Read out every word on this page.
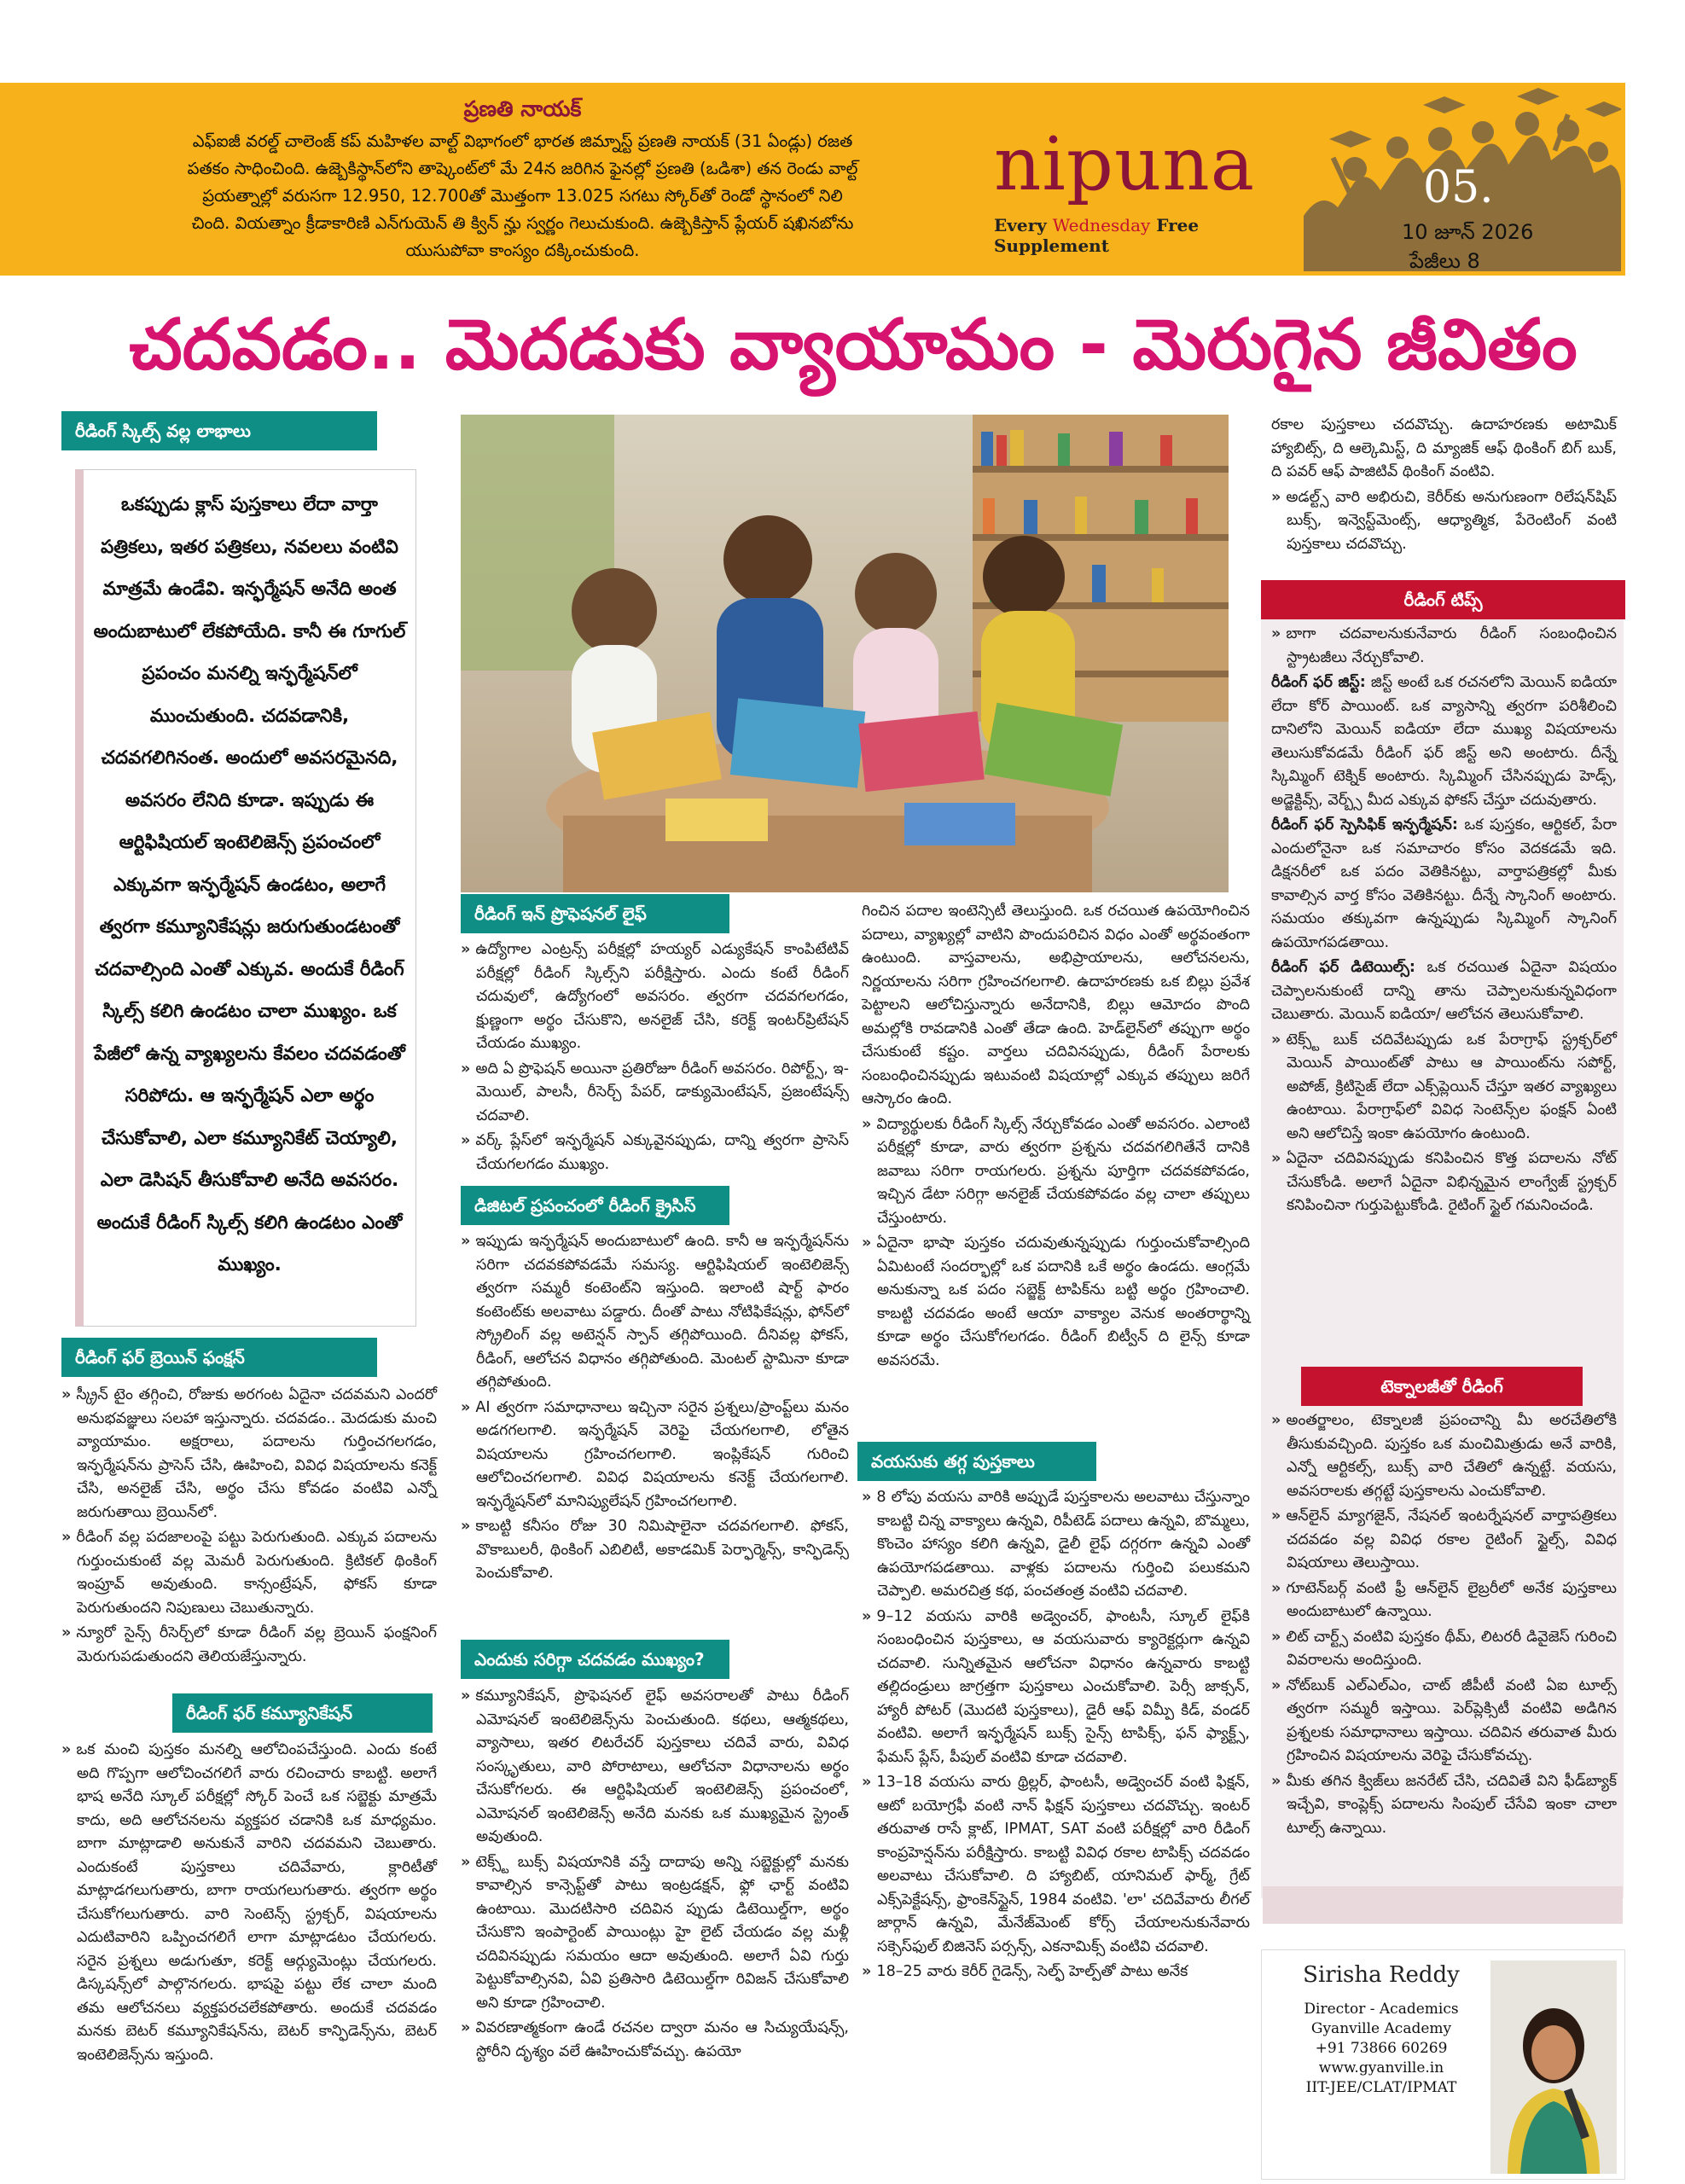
ప్రణతి నాయక్
ఎఫ్ఐజీ వరల్డ్ చాలెంజ్ కప్ మహిళల వాల్ట్ విభాగంలో భారత జిమ్నాస్ట్ ప్రణతి నాయక్ (31 ఏండ్లు) రజత
పతకం సాధించింది. ఉజ్బెకిస్థాన్‌లోని తాష్కెంట్‌లో మే 24న జరిగిన ఫైనల్లో ప్రణతి (ఒడిశా) తన రెండు వాల్ట్
ప్రయత్నాల్లో వరుసగా 12.950, 12.700తో మొత్తంగా 13.025 సగటు స్కోర్‌తో రెండో స్థానంలో నిలి
చింది. వియత్నాం క్రీడాకారిణి ఎన్‌గుయెన్ తి క్విన్ న్హు స్వర్ణం గెలుచుకుంది. ఉజ్బెకిస్తాన్ ప్లేయర్ షఖినబోను
యుసుపోవా కాంస్యం దక్కించుకుంది.
nipuna
Every Wednesday Free Supplement
05.
10 జూన్ 2026
పేజీలు 8
చదవడం.. మెదడుకు వ్యాయామం - మెరుగైన జీవితం
రీడింగ్ స్కిల్స్ వల్ల లాభాలు
ఒకప్పుడు క్లాస్ పుస్తకాలు లేదా వార్తా పత్రికలు, ఇతర పత్రికలు, నవలలు వంటివి మాత్రమే ఉండేవి. ఇన్ఫర్మేషన్ అనేది అంత అందుబాటులో లేకపోయేది. కానీ ఈ గూగుల్ ప్రపంచం మనల్ని ఇన్ఫర్మేషన్‌లో ముంచుతుంది. చదవడానికి, చదవగలిగినంత. అందులో అవసరమైనది, అవసరం లేనిది కూడా. ఇప్పుడు ఈ ఆర్టిఫిషియల్ ఇంటెలిజెన్స్ ప్రపంచంలో ఎక్కువగా ఇన్ఫర్మేషన్ ఉండటం, అలాగే త్వరగా కమ్యూనికేషన్లు జరుగుతుండటంతో చదవాల్సింది ఎంతో ఎక్కువ. అందుకే రీడింగ్ స్కిల్స్ కలిగి ఉండటం చాలా ముఖ్యం. ఒక పేజీలో ఉన్న వ్యాఖ్యలను కేవలం చదవడంతో సరిపోదు. ఆ ఇన్ఫర్మేషన్ ఎలా అర్థం చేసుకోవాలి, ఎలా కమ్యూనికేట్ చెయ్యాలి, ఎలా డెసిషన్ తీసుకోవాలి అనేది అవసరం. అందుకే రీడింగ్ స్కిల్స్ కలిగి ఉండటం ఎంతో ముఖ్యం.
రీడింగ్ ఫర్ బ్రెయిన్ ఫంక్షన్

» స్క్రీన్ టైం తగ్గించి, రోజుకు అరగంట ఏదైనా చదవమని ఎందరో అనుభవజ్ఞులు సలహా ఇస్తున్నారు. చదవడం.. మెదడుకు మంచి వ్యాయామం. అక్షరాలు, పదాలను గుర్తించగలగడం, ఇన్ఫర్మేషన్‌ను ప్రాసెస్ చేసి, ఊహించి, వివిధ విషయాలను కనెక్ట్ చేసి, అనలైజ్ చేసి, అర్థం చేసు కోవడం వంటివి ఎన్నో జరుగుతాయి బ్రెయిన్‌లో.

» రీడింగ్ వల్ల పదజాలంపై పట్టు పెరుగుతుంది. ఎక్కువ పదాలను గుర్తుంచుకుంటే వల్ల మెమరీ పెరుగుతుంది. క్రిటికల్ థింకింగ్ ఇంప్రూవ్ అవుతుంది. కాన్సంట్రేషన్, ఫోకస్ కూడా పెరుగుతుందని నిపుణులు చెబుతున్నారు.

» న్యూరో సైన్స్ రీసెర్చ్‌లో కూడా రీడింగ్ వల్ల బ్రెయిన్ ఫంక్షనింగ్ మెరుగుపడుతుందని తెలియజేస్తున్నారు.

రీడింగ్ ఫర్ కమ్యూనికేషన్

» ఒక మంచి పుస్తకం మనల్ని ఆలోచింపచేస్తుంది. ఎందు కంటే అది గొప్పగా ఆలోచించగలిగే వారు రచించారు కాబట్టి. అలాగే భాష అనేది స్కూల్ పరీక్షల్లో స్కోర్ పెంచే ఒక సబ్జెక్టు మాత్రమే కాదు, అది ఆలోచనలను వ్యక్తపర చడానికి ఒక మాధ్యమం. బాగా మాట్లాడాలి అనుకునే వారిని చదవమని చెబుతారు. ఎందుకంటే పుస్తకాలు చదివేవారు, క్లారిటీతో మాట్లాడగలుగుతారు, బాగా రాయగలుగుతారు. త్వరగా అర్థం చేసుకోగలుగుతారు. వారి సెంటెన్స్ స్ట్రక్చర్, విషయాలను ఎదుటివారిని ఒప్పించగలిగే లాగా మాట్లాడటం చేయగలరు. సరైన ప్రశ్నలు అడుగుతూ, కరెక్ట్ ఆర్గ్యుమెంట్లు చేయగలరు. డిస్కషన్స్‌లో పాల్గొనగలరు. భాషపై పట్టు లేక చాలా మంది తమ ఆలోచనలు వ్యక్తపరచలేకపోతారు. అందుకే చదవడం మనకు బెటర్ కమ్యూనికేషన్‌ను, బెటర్ కాన్ఫిడెన్స్‌ను, బెటర్ ఇంటెలిజెన్స్‌ను ఇస్తుంది.

రీడింగ్ ఇన్ ప్రొఫెషనల్ లైఫ్

» ఉద్యోగాల ఎంట్రన్స్ పరీక్షల్లో హయ్యర్ ఎడ్యుకేషన్ కాంపిటేటివ్ పరీక్షల్లో రీడింగ్ స్కిల్స్‌ని పరీక్షిస్తారు. ఎందు కంటే రీడింగ్ చదువులో, ఉద్యోగంలో అవసరం. త్వరగా చదవగలగడం, క్షుణ్ణంగా అర్థం చేసుకొని, అనలైజ్ చేసి, కరెక్ట్ ఇంటర్‌ప్రిటేషన్ చేయడం ముఖ్యం.

» అది ఏ ప్రొఫెషన్ అయినా ప్రతిరోజూ రీడింగ్ అవసరం. రిపోర్ట్స్, ఇ-మెయిల్, పాలసీ, రీసెర్చ్ పేపర్, డాక్యుమెంటేషన్, ప్రజంటేషన్స్ చదవాలి.

» వర్క్ ప్లేస్‌లో ఇన్ఫర్మేషన్ ఎక్కువైనప్పుడు, దాన్ని త్వరగా ప్రాసెస్ చేయగలగడం ముఖ్యం.

డిజిటల్ ప్రపంచంలో రీడింగ్ క్రైసిస్

» ఇప్పుడు ఇన్ఫర్మేషన్ అందుబాటులో ఉంది. కానీ ఆ ఇన్ఫర్మేషన్‌ను సరిగా చదవకపోవడమే సమస్య. ఆర్టిఫిషియల్ ఇంటెలిజెన్స్ త్వరగా సమ్మరీ కంటెంట్‌ని ఇస్తుంది. ఇలాంటి షార్ట్ ఫారం కంటెంట్‌కు అలవాటు పడ్డారు. దీంతో పాటు నోటిఫికేషన్లు, ఫోన్‌లో స్క్రోలింగ్ వల్ల అటెన్షన్ స్పాన్ తగ్గిపోయింది. దీనివల్ల ఫోకస్, రీడింగ్, ఆలోచన విధానం తగ్గిపోతుంది. మెంటల్ స్టామినా కూడా తగ్గిపోతుంది.

» AI త్వరగా సమాధానాలు ఇచ్చినా సరైన ప్రశ్నలు/ప్రాంప్ట్‌లు మనం అడగగలగాలి. ఇన్ఫర్మేషన్ వెరిఫై చేయగలగాలి, లోతైన విషయాలను గ్రహించగలగాలి. ఇంప్లికేషన్‌ గురించి ఆలోచించగలగాలి. వివిధ విషయాలను కనెక్ట్ చేయగలగాలి. ఇన్ఫర్మేషన్‌లో మానిప్యులేషన్ గ్రహించగలగాలి.

» కాబట్టి కనీసం రోజు 30 నిమిషాలైనా చదవగలగాలి. ఫోకస్, వొకాబులరీ, థింకింగ్ ఎబిలిటీ, అకాడమిక్ పెర్ఫార్మెన్స్, కాన్ఫిడెన్స్ పెంచుకోవాలి.

ఎందుకు సరిగ్గా చదవడం ముఖ్యం?

» కమ్యూనికేషన్, ప్రొఫెషనల్ లైఫ్ అవసరాలతో పాటు రీడింగ్ ఎమోషనల్ ఇంటెలిజెన్స్‌ను పెంచుతుంది. కథలు, ఆత్మకథలు, వ్యాసాలు, ఇతర లిటరేచర్ పుస్తకాలు చదివే వారు, వివిధ సంస్కృతులు, వారి పోరాటాలు, ఆలోచనా విధానాలను అర్థం చేసుకోగలరు. ఈ ఆర్టిఫిషియల్ ఇంటెలిజెన్స్ ప్రపంచంలో, ఎమోషనల్ ఇంటెలిజెన్స్ అనేది మనకు ఒక ముఖ్యమైన స్ట్రెంత్ అవుతుంది.

» టెక్స్ట్ బుక్స్ విషయానికి వస్తే దాదాపు అన్ని సబ్జెక్టుల్లో మనకు కావాల్సిన కాన్సెప్ట్‌తో పాటు ఇంట్రడక్షన్, ఫ్లో ఛార్ట్ వంటివి ఉంటాయి. మొదటిసారి చదివిన ప్పుడు డిటెయిల్డ్‌గా, అర్థం చేసుకొని ఇంపార్టెంట్ పాయింట్లు హై లైట్ చేయడం వల్ల మళ్లీ చదివినప్పుడు సమయం ఆదా అవుతుంది. అలాగే ఏవి గుర్తు పెట్టుకోవాల్సినవి, ఏవి ప్రతిసారి డిటెయిల్డ్‌గా రివిజన్ చేసుకోవాలి అని కూడా గ్రహించాలి.

» వివరణాత్మకంగా ఉండే రచనల ద్వారా మనం ఆ సిచ్యుయేషన్స్, స్టోరీని దృశ్యం వలే ఊహించుకోవచ్చు. ఉపయో

గించిన పదాల ఇంటెన్సిటీ తెలుస్తుంది. ఒక రచయిత ఉపయోగించిన పదాలు, వ్యాఖ్యల్లో వాటిని పొందుపరిచిన విధం ఎంతో అర్థవంతంగా ఉంటుంది. వాస్తవాలను, అభిప్రాయాలను, ఆలోచనలను, నిర్ణయాలను సరిగా గ్రహించగలగాలి. ఉదాహరణకు ఒక బిల్లు ప్రవేశ పెట్టాలని ఆలోచిస్తున్నారు అనేదానికి, బిల్లు ఆమోదం పొంది అమల్లోకి రావడానికి ఎంతో తేడా ఉంది. హెడ్‌లైన్‌లో తప్పుగా అర్థం చేసుకుంటే కష్టం. వార్తలు చదివినప్పుడు, రీడింగ్ పేరాలకు సంబంధించినప్పుడు ఇటువంటి విషయాల్లో ఎక్కువ తప్పులు జరిగే ఆస్కారం ఉంది.

» విద్యార్థులకు రీడింగ్ స్కిల్స్ నేర్చుకోవడం ఎంతో అవసరం. ఎలాంటి పరీక్షల్లో కూడా, వారు త్వరగా ప్రశ్నను చదవగలిగితేనే దానికి జవాబు సరిగా రాయగలరు. ప్రశ్నను పూర్తిగా చదవకపోవడం, ఇచ్చిన డేటా సరిగ్గా అనలైజ్ చేయకపోవడం వల్ల చాలా తప్పులు చేస్తుంటారు.

» ఏదైనా భాషా పుస్తకం చదువుతున్నప్పుడు గుర్తుంచుకోవాల్సింది ఏమిటంటే సందర్భాల్లో ఒక పదానికి ఒకే అర్థం ఉండదు. ఆంగ్లమే అనుకున్నా ఒక పదం సబ్జెక్ట్ టాపిక్‌ను బట్టి అర్థం గ్రహించాలి. కాబట్టి చదవడం అంటే ఆయా వాక్యాల వెనుక అంతరార్థాన్ని కూడా అర్థం చేసుకోగలగడం. రీడింగ్ బిట్వీన్ ది లైన్స్ కూడా అవసరమే.

వయసుకు తగ్గ పుస్తకాలు

» 8 లోపు వయసు వారికి అప్పుడే పుస్తకాలను అలవాటు చేస్తున్నాం కాబట్టి చిన్న వాక్యాలు ఉన్నవి, రిపీటెడ్ పదాలు ఉన్నవి, బొమ్మలు, కొంచెం హాస్యం కలిగి ఉన్నవి, డైలీ లైఫ్ దగ్గరగా ఉన్నవి ఎంతో ఉపయోగపడతాయి. వాళ్లకు పదాలను గుర్తించి పలుకమని చెప్పాలి. అమరచిత్ర కథ, పంచతంత్ర వంటివి చదవాలి.

» 9–12 వయసు వారికి అడ్వెంచర్, ఫాంటసీ, స్కూల్ లైఫ్‌కి సంబంధించిన పుస్తకాలు, ఆ వయసువారు క్యారెక్టర్లుగా ఉన్నవి చదవాలి. సున్నితమైన ఆలోచనా విధానం ఉన్నవారు కాబట్టి తల్లిదండ్రులు జాగ్రత్తగా పుస్తకాలు ఎంచుకోవాలి. పెర్సీ జాక్సన్, హ్యారీ పోటర్ (మొదటి పుస్తకాలు), డైరీ ఆఫ్ విమ్పీ కిడ్, వండర్ వంటివి. అలాగే ఇన్ఫర్మేషన్ బుక్స్ సైన్స్ టాపిక్స్, ఫన్ ఫ్యాక్ట్స్, ఫేమస్ ప్లేస్, పీపుల్ వంటివి కూడా చదవాలి.

» 13–18 వయసు వారు థ్రిల్లర్, ఫాంటసీ, అడ్వెంచర్ వంటి ఫిక్షన్, ఆటో బయోగ్రఫీ వంటి నాన్ ఫిక్షన్ పుస్తకాలు చదవొచ్చు. ఇంటర్ తరువాత రాసే క్లాట్, IPMAT, SAT వంటి పరీక్షల్లో వారి రీడింగ్ కాంప్రహెన్షన్‌ను పరీక్షిస్తారు. కాబట్టి వివిధ రకాల టాపిక్స్ చదవడం అలవాటు చేసుకోవాలి. ది హ్యాబిట్, యానిమల్ ఫార్మ్, గ్రేట్ ఎక్స్‌పెక్టేషన్స్, ఫ్రాంకెన్‌స్టైన్, 1984 వంటివి. 'లా' చదివేవారు లీగల్ జార్గాన్ ఉన్నవి, మేనేజ్‌మెంట్ కోర్స్ చేయాలనుకునేవారు సక్సెస్‌ఫుల్ బిజినెస్ పర్సన్స్, ఎకనామిక్స్ వంటివి చదవాలి.

» 18–25 వారు కెరీర్ గైడెన్స్, సెల్ఫ్ హెల్ప్‌తో పాటు అనేక

రకాల పుస్తకాలు చదవొచ్చు. ఉదాహరణకు అటామిక్ హ్యాబిట్స్, ది ఆల్కెమిస్ట్, ది మ్యాజిక్ ఆఫ్ థింకింగ్ బిగ్ బుక్, ది పవర్ ఆఫ్ పాజిటివ్ థింకింగ్ వంటివి.

» అడల్ట్స్ వారి అభిరుచి, కెరీర్‌కు అనుగుణంగా రిలేషన్‌షిప్ బుక్స్, ఇన్వెస్ట్‌మెంట్స్, ఆధ్యాత్మిక, పేరెంటింగ్ వంటి పుస్తకాలు చదవొచ్చు.

రీడింగ్ టిప్స్

» బాగా చదవాలనుకునేవారు రీడింగ్ సంబంధించిన స్ట్రాటజీలు నేర్చుకోవాలి.

రీడింగ్ ఫర్ జిస్ట్: జిస్ట్ అంటే ఒక రచనలోని మెయిన్ ఐడియా లేదా కోర్ పాయింట్. ఒక వ్యాసాన్ని త్వరగా పరిశీలించి దానిలోని మెయిన్ ఐడియా లేదా ముఖ్య విషయాలను తెలుసుకోవడమే రీడింగ్ ఫర్ జిస్ట్ అని అంటారు. దీన్నే స్కిమ్మింగ్ టెక్నిక్ అంటారు. స్కిమ్మింగ్ చేసినప్పుడు హెడ్స్, అడ్జెక్టివ్స్, వెర్బ్స్ మీద ఎక్కువ ఫోకస్ చేస్తూ చదువుతారు.

రీడింగ్ ఫర్ స్పెసిఫిక్ ఇన్ఫర్మేషన్: ఒక పుస్తకం, ఆర్టికల్, పేరా ఎందులోనైనా ఒక సమాచారం కోసం వెదకడమే ఇది. డిక్షనరీలో ఒక పదం వెతికినట్టు, వార్తాపత్రికల్లో మీకు కావాల్సిన వార్త కోసం వెతికినట్టు. దీన్నే స్కానింగ్ అంటారు. సమయం తక్కువగా ఉన్నప్పుడు స్కిమ్మింగ్ స్కానింగ్ ఉపయోగపడతాయి.

రీడింగ్ ఫర్ డిటెయిల్స్: ఒక రచయిత ఏదైనా విషయం చెప్పాలనుకుంటే దాన్ని తాను చెప్పాలనుకున్నవిధంగా చెబుతారు. మెయిన్ ఐడియా/ ఆలోచన తెలుసుకోవాలి.

» టెక్స్ట్ బుక్ చదివేటప్పుడు ఒక పేరాగ్రాఫ్ స్ట్రక్చర్‌లో మెయిన్ పాయింట్‌తో పాటు ఆ పాయింట్‌ను సపోర్ట్, అపోజ్, క్రిటిసైజ్ లేదా ఎక్స్‌ప్లెయిన్ చేస్తూ ఇతర వ్యాఖ్యలు ఉంటాయి. పేరాగ్రాఫ్‌లో వివిధ సెంటెన్స్‌ల ఫంక్షన్ ఏంటి అని ఆలోచిస్తే ఇంకా ఉపయోగం ఉంటుంది.

» ఏదైనా చదివినప్పుడు కనిపించిన కొత్త పదాలను నోట్ చేసుకోండి. అలాగే ఏదైనా విభిన్నమైన లాంగ్వేజ్ స్ట్రక్చర్ కనిపించినా గుర్తుపెట్టుకోండి. రైటింగ్ స్టైల్ గమనించండి.

టెక్నాలజీతో రీడింగ్

» అంతర్జాలం, టెక్నాలజీ ప్రపంచాన్ని మీ అరచేతిలోకి తీసుకువచ్చింది. పుస్తకం ఒక మంచిమిత్రుడు అనే వారికి, ఎన్నో ఆర్టికల్స్, బుక్స్ వారి చేతిలో ఉన్నట్టే. వయసు, అవసరాలకు తగ్గట్టే పుస్తకాలను ఎంచుకోవాలి.

» ఆన్‌లైన్ మ్యాగజైన్, నేషనల్ ఇంటర్నేషనల్ వార్తాపత్రికలు చదవడం వల్ల వివిధ రకాల రైటింగ్ స్టైల్స్, వివిధ విషయాలు తెలుస్తాయి.

» గూటెన్‌బర్గ్ వంటి ఫ్రీ ఆన్‌లైన్ లైబ్రరీలో అనేక పుస్తకాలు అందుబాటులో ఉన్నాయి.

» లిట్ చార్ట్స్ వంటివి పుస్తకం థీమ్, లిటరరీ డివైజెస్ గురించి వివరాలను అందిస్తుంది.

» నోట్‌బుక్ ఎల్ఎల్ఎం, చాట్ జీపీటీ వంటి ఏఐ టూల్స్ త్వరగా సమ్మరీ ఇస్తాయి. పెర్‌ప్లెక్సిటీ వంటివి అడిగిన ప్రశ్నలకు సమాధానాలు ఇస్తాయి. చదివిన తరువాత మీరు గ్రహించిన విషయాలను వెరిఫై చేసుకోవచ్చు.

» మీకు తగిన క్విజ్‌లు జనరేట్ చేసి, చదివితే విని ఫీడ్‌బ్యాక్ ఇచ్చేవి, కాంప్లెక్స్ పదాలను సింపుల్ చేసేవి ఇంకా చాలా టూల్స్ ఉన్నాయి.

Sirisha Reddy
Director - Academics
Gyanville Academy
+91 73866 60269
www.gyanville.in
IIT-JEE/CLAT/IPMAT
